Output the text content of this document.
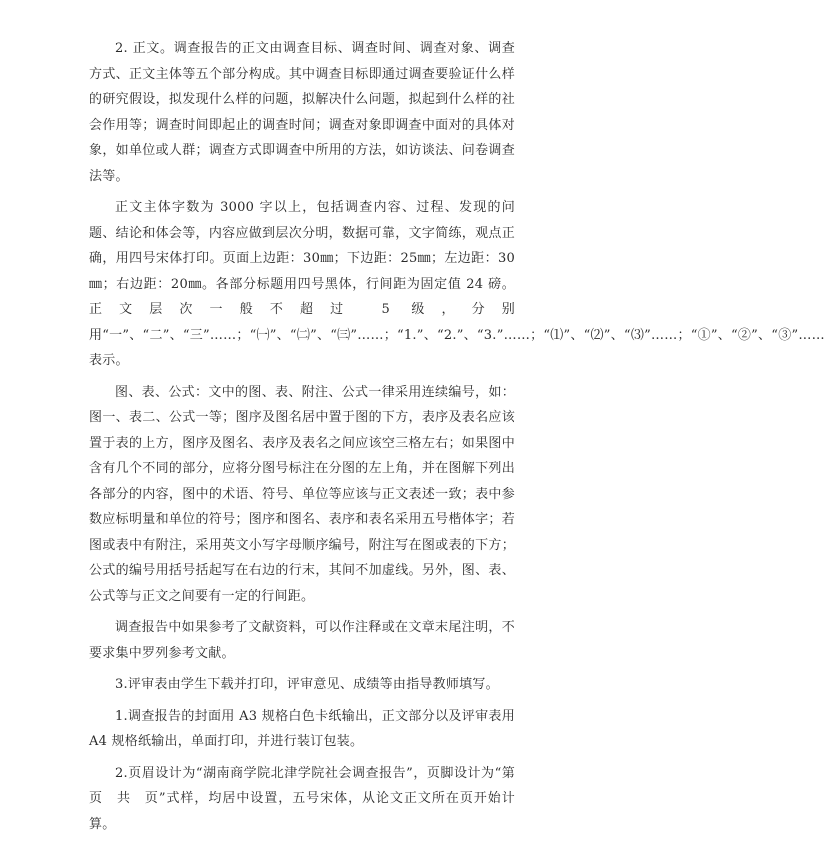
2. 正文。调查报告的正文由调查目标、调查时间、调查对象、调查方式、正文主体等五个部分构成。其中调查目标即通过调查要验证什么样的研究假设，拟发现什么样的问题，拟解决什么问题，拟起到什么样的社会作用等；调查时间即起止的调查时间；调查对象即调查中面对的具体对象，如单位或人群；调查方式即调查中所用的方法，如访谈法、问卷调查法等。

正文主体字数为 3000 字以上，包括调查内容、过程、发现的问题、结论和体会等，内容应做到层次分明，数据可靠，文字简练，观点正确，用四号宋体打印。页面上边距：30㎜；下边距：25㎜；左边距：30㎜；右边距：20㎜。各部分标题用四号黑体，行间距为固定值 24 磅。正文层次一般不超过 5 级，分别用“一”、“二”、“三”……；“㈠”、“㈡”、“㈢”……；“1.”、“2.”、“3.”……；“⑴”、“⑵”、“⑶”……；“①”、“②”、“③”……表示。

图、表、公式：文中的图、表、附注、公式一律采用连续编号，如：图一、表二、公式一等；图序及图名居中置于图的下方，表序及表名应该置于表的上方，图序及图名、表序及表名之间应该空三格左右；如果图中含有几个不同的部分，应将分图号标注在分图的左上角，并在图解下列出各部分的内容，图中的术语、符号、单位等应该与正文表述一致；表中参数应标明量和单位的符号；图序和图名、表序和表名采用五号楷体字；若图或表中有附注，采用英文小写字母顺序编号，附注写在图或表的下方；公式的编号用括号括起写在右边的行末，其间不加虚线。另外，图、表、公式等与正文之间要有一定的行间距。

调查报告中如果参考了文献资料，可以作注释或在文章末尾注明，不要求集中罗列参考文献。

3.评审表由学生下载并打印，评审意见、成绩等由指导教师填写。

1.调查报告的封面用 A3 规格白色卡纸输出，正文部分以及评审表用 A4 规格纸输出，单面打印，并进行装订包装。

2.页眉设计为“湖南商学院北津学院社会调查报告”，页脚设计为“第　页　共　页”式样，均居中设置，五号宋体，从论文正文所在页开始计算。
